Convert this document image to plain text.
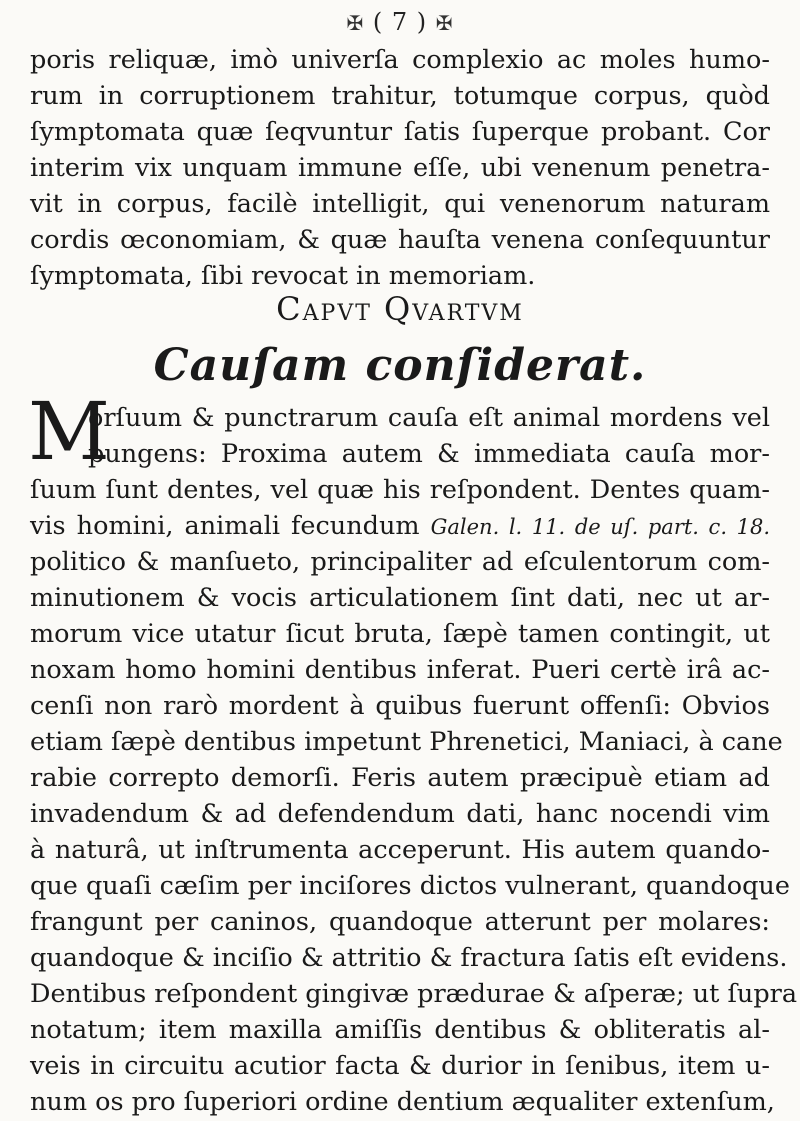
✠ ( 7 ) ✠
poris reliquæ, imò univerſa complexio ac moles humo-
rum in corruptionem trahitur, totumque corpus, quòd
ſymptomata quæ ſeqvuntur ſatis ſuperque probant. Cor
interim vix unquam immune eſſe, ubi venenum penetra-
vit in corpus, facilè intelligit, qui venenorum naturam
cordis œconomiam, & quæ hauſta venena conſequuntur
ſymptomata, ſibi revocat in memoriam.
Capvt Qvartvm
Cauſam conſiderat.
M
orſuum & punctrarum cauſa eſt animal mordens vel
pungens: Proxima autem & immediata cauſa mor-
ſuum ſunt dentes, vel quæ his reſpondent. Dentes quam-
vis homini, animali fecundum Galen. l. 11. de uſ. part. c. 18.
politico & manſueto, principaliter ad eſculentorum com-
minutionem & vocis articulationem ſint dati, nec ut ar-
morum vice utatur ſicut bruta, ſæpè tamen contingit, ut
noxam homo homini dentibus inferat. Pueri certè irâ ac-
cenſi non rarò mordent à quibus fuerunt offenſi: Obvios
etiam ſæpè dentibus impetunt Phrenetici, Maniaci, à cane
rabie correpto demorſi. Feris autem præcipuè etiam ad
invadendum & ad defendendum dati, hanc nocendi vim
à naturâ, ut inſtrumenta acceperunt. His autem quando-
que quaſi cæſim per inciſores dictos vulnerant, quandoque
frangunt per caninos, quandoque atterunt per molares:
quandoque & inciſio & attritio & fractura ſatis eſt evidens.
Dentibus reſpondent gingivæ prædurae & aſperæ; ut ſupra
notatum; item maxilla amiſſis dentibus & obliteratis al-
veis in circuitu acutior facta & durior in ſenibus, item u-
num os pro ſuperiori ordine dentium æqualiter extenſum,
